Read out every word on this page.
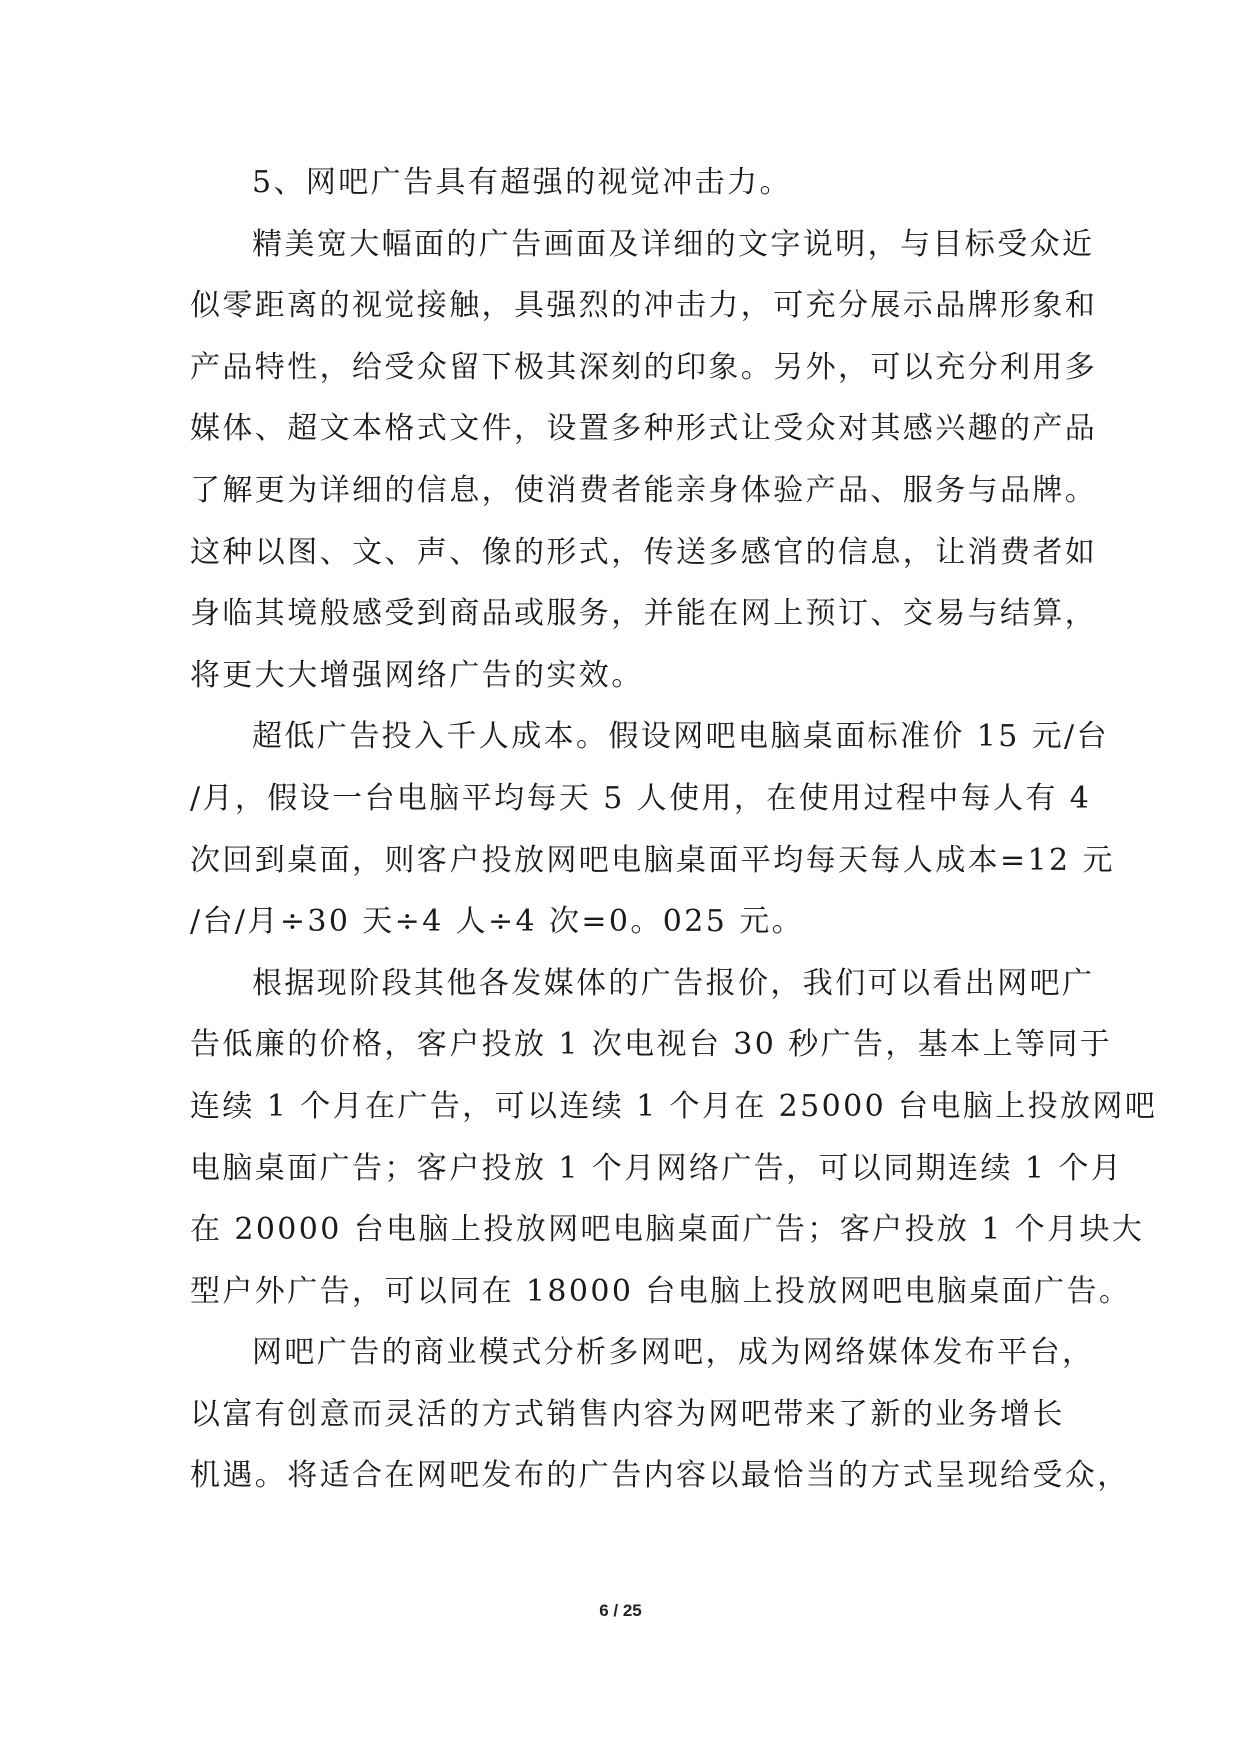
5、网吧广告具有超强的视觉冲击力。

精美宽大幅面的广告画面及详细的文字说明，与目标受众近
似零距离的视觉接触，具强烈的冲击力，可充分展示品牌形象和
产品特性，给受众留下极其深刻的印象。另外，可以充分利用多
媒体、超文本格式文件，设置多种形式让受众对其感兴趣的产品
了解更为详细的信息，使消费者能亲身体验产品、服务与品牌。
这种以图、文、声、像的形式，传送多感官的信息，让消费者如
身临其境般感受到商品或服务，并能在网上预订、交易与结算，
将更大大增强网络广告的实效。

超低广告投入千人成本。假设网吧电脑桌面标准价 15 元/台
/月，假设一台电脑平均每天 5 人使用，在使用过程中每人有 4
次回到桌面，则客户投放网吧电脑桌面平均每天每人成本=12 元
/台/月÷30 天÷4 人÷4 次=0。025 元。

根据现阶段其他各发媒体的广告报价，我们可以看出网吧广
告低廉的价格，客户投放 1 次电视台 30 秒广告，基本上等同于
连续 1 个月在广告，可以连续 1 个月在 25000 台电脑上投放网吧
电脑桌面广告；客户投放 1 个月网络广告，可以同期连续 1 个月
在 20000 台电脑上投放网吧电脑桌面广告；客户投放 1 个月块大
型户外广告，可以同在 18000 台电脑上投放网吧电脑桌面广告。

网吧广告的商业模式分析多网吧，成为网络媒体发布平台，
以富有创意而灵活的方式销售内容为网吧带来了新的业务增长
机遇。将适合在网吧发布的广告内容以最恰当的方式呈现给受众，

6 / 25
